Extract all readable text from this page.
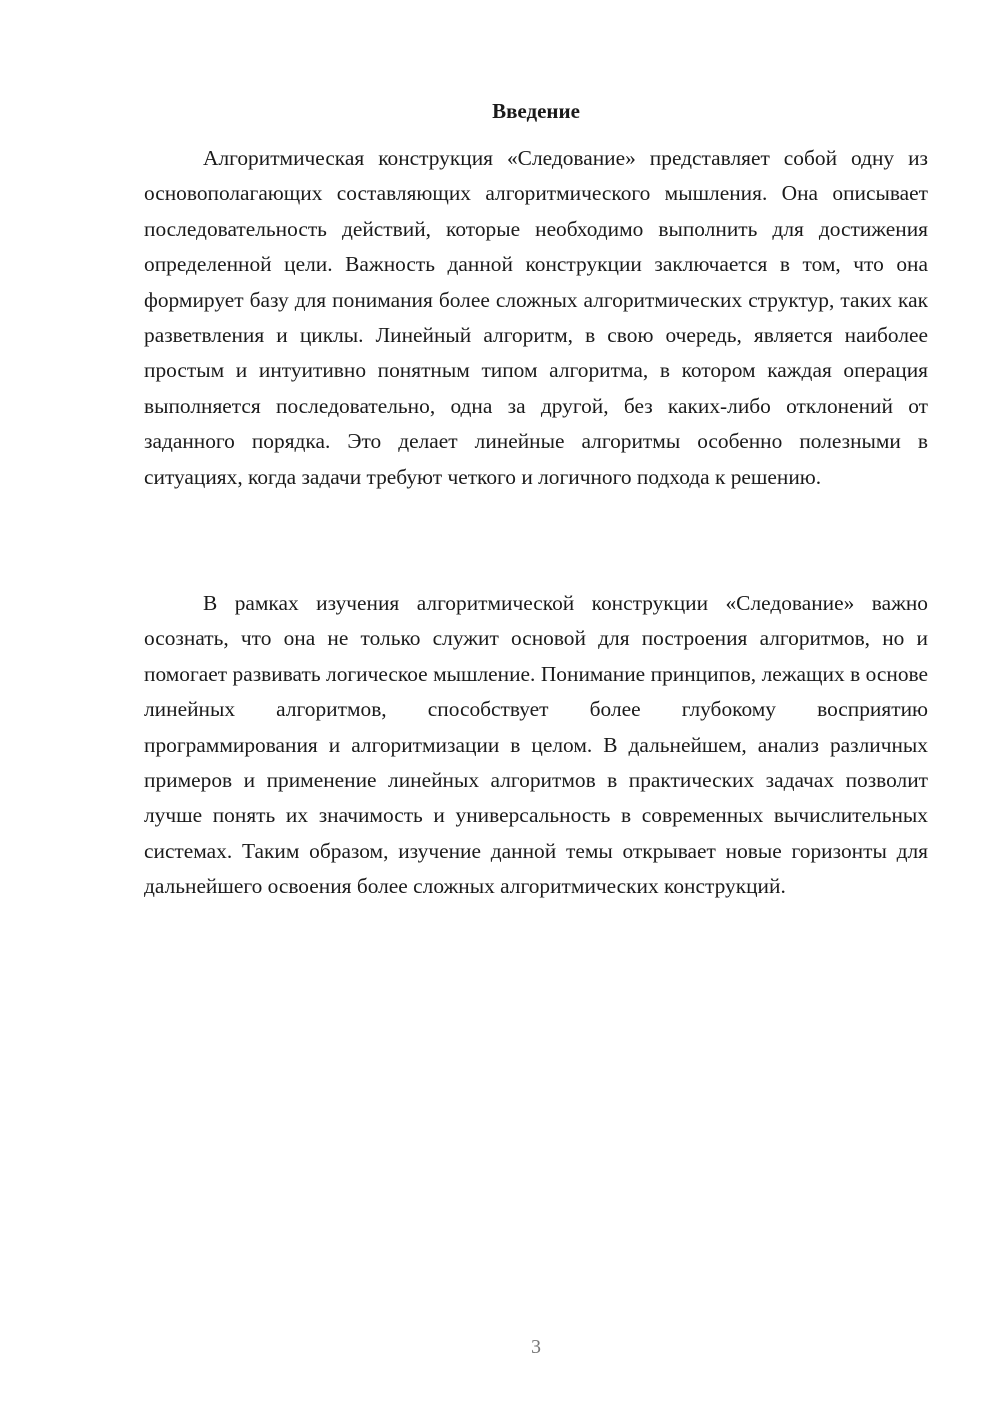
Введение

Алгоритмическая конструкция «Следование» представляет собой одну из основополагающих составляющих алгоритмического мышления. Она описывает последовательность действий, которые необходимо выполнить для достижения определенной цели. Важность данной конструкции заключается в том, что она формирует базу для понимания более сложных алгоритмических структур, таких как разветвления и циклы. Линейный алгоритм, в свою очередь, является наиболее простым и интуитивно понятным типом алгоритма, в котором каждая операция выполняется последовательно, одна за другой, без каких-либо отклонений от заданного порядка. Это делает линейные алгоритмы особенно полезными в ситуациях, когда задачи требуют четкого и логичного подхода к решению.

В рамках изучения алгоритмической конструкции «Следование» важно осознать, что она не только служит основой для построения алгоритмов, но и помогает развивать логическое мышление. Понимание принципов, лежащих в основе линейных алгоритмов, способствует более глубокому восприятию программирования и алгоритмизации в целом. В дальнейшем, анализ различных примеров и применение линейных алгоритмов в практических задачах позволит лучше понять их значимость и универсальность в современных вычислительных системах. Таким образом, изучение данной темы открывает новые горизонты для дальнейшего освоения более сложных алгоритмических конструкций.

3
